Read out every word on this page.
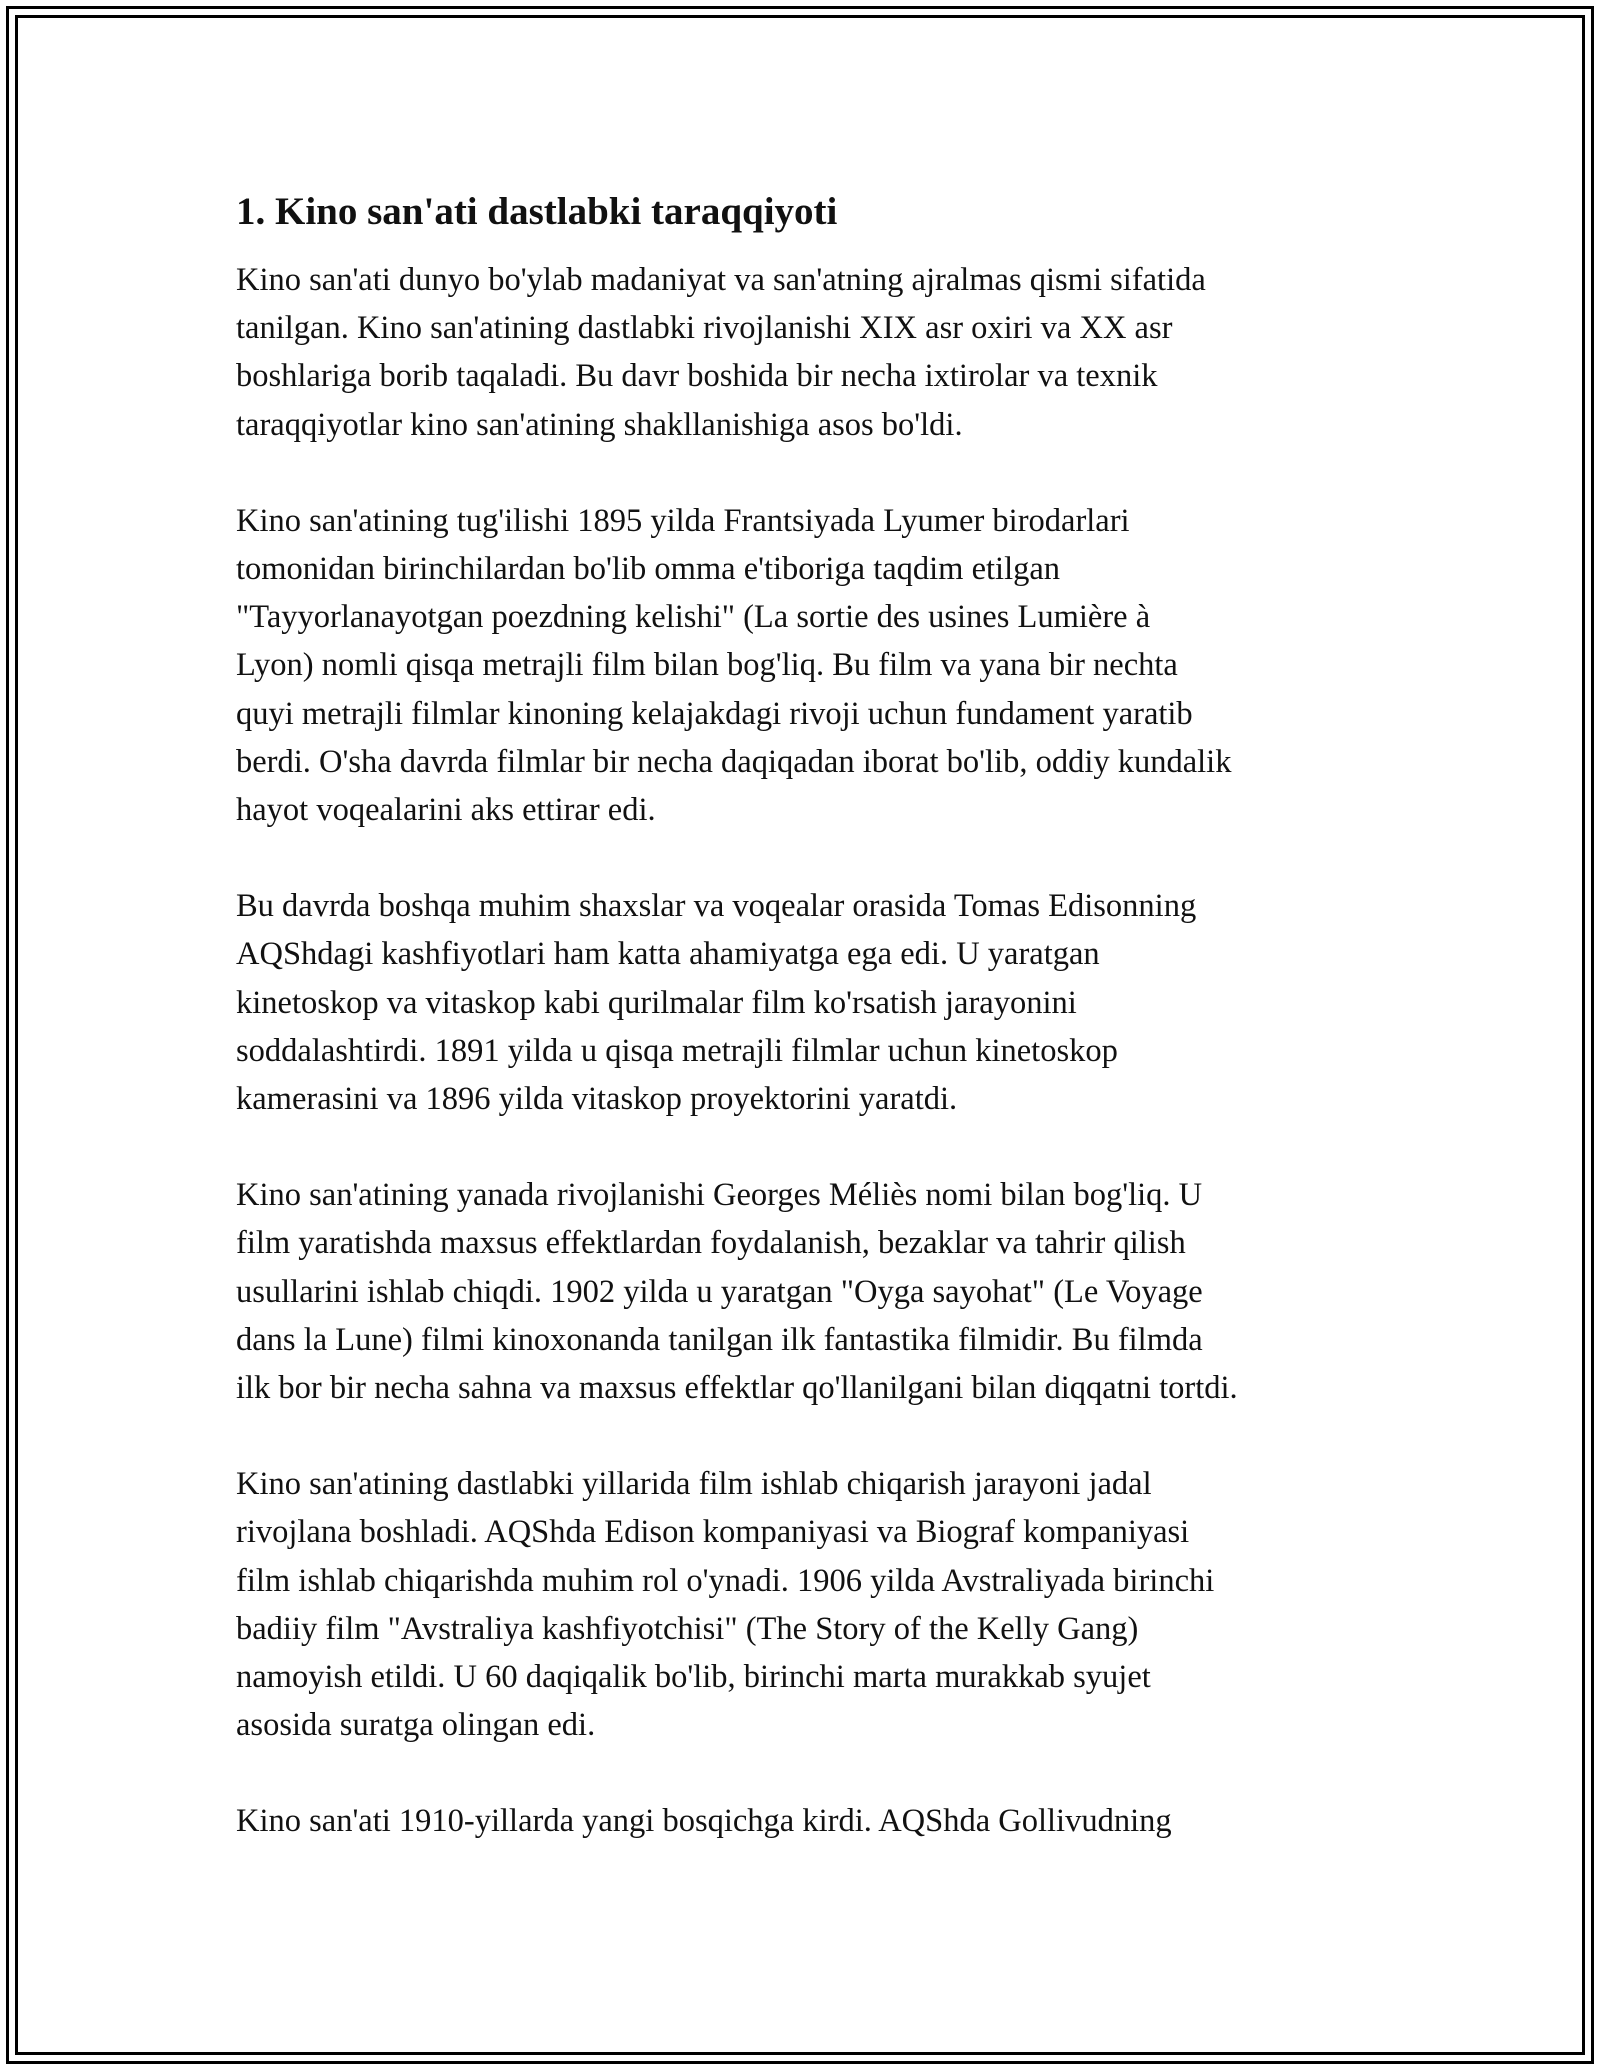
1. Kino san'ati dastlabki taraqqiyoti
Kino san'ati dunyo bo'ylab madaniyat va san'atning ajralmas qismi sifatida
tanilgan. Kino san'atining dastlabki rivojlanishi XIX asr oxiri va XX asr
boshlariga borib taqaladi. Bu davr boshida bir necha ixtirolar va texnik
taraqqiyotlar kino san'atining shakllanishiga asos bo'ldi.
Kino san'atining tug'ilishi 1895 yilda Frantsiyada Lyumer birodarlari
tomonidan birinchilardan bo'lib omma e'tiboriga taqdim etilgan
"Tayyorlanayotgan poezdning kelishi" (La sortie des usines Lumière à
Lyon) nomli qisqa metrajli film bilan bog'liq. Bu film va yana bir nechta
quyi metrajli filmlar kinoning kelajakdagi rivoji uchun fundament yaratib
berdi. O'sha davrda filmlar bir necha daqiqadan iborat bo'lib, oddiy kundalik
hayot voqealarini aks ettirar edi.
Bu davrda boshqa muhim shaxslar va voqealar orasida Tomas Edisonning
AQShdagi kashfiyotlari ham katta ahamiyatga ega edi. U yaratgan
kinetoskop va vitaskop kabi qurilmalar film ko'rsatish jarayonini
soddalashtirdi. 1891 yilda u qisqa metrajli filmlar uchun kinetoskop
kamerasini va 1896 yilda vitaskop proyektorini yaratdi.
Kino san'atining yanada rivojlanishi Georges Méliès nomi bilan bog'liq. U
film yaratishda maxsus effektlardan foydalanish, bezaklar va tahrir qilish
usullarini ishlab chiqdi. 1902 yilda u yaratgan "Oyga sayohat" (Le Voyage
dans la Lune) filmi kinoxonanda tanilgan ilk fantastika filmidir. Bu filmda
ilk bor bir necha sahna va maxsus effektlar qo'llanilgani bilan diqqatni tortdi.
Kino san'atining dastlabki yillarida film ishlab chiqarish jarayoni jadal
rivojlana boshladi. AQShda Edison kompaniyasi va Biograf kompaniyasi
film ishlab chiqarishda muhim rol o'ynadi. 1906 yilda Avstraliyada birinchi
badiiy film "Avstraliya kashfiyotchisi" (The Story of the Kelly Gang)
namoyish etildi. U 60 daqiqalik bo'lib, birinchi marta murakkab syujet
asosida suratga olingan edi.
Kino san'ati 1910-yillarda yangi bosqichga kirdi. AQShda Gollivudning
